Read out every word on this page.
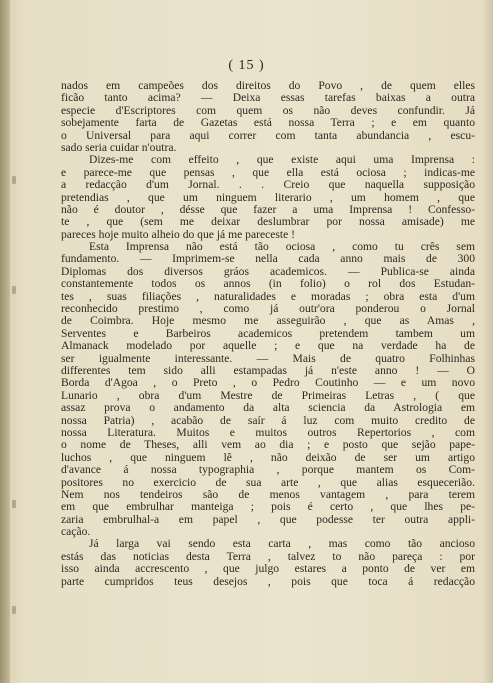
( 15 )
nados em campeões dos direitos do Povo , de quem elles
ficão tanto acima? — Deixa essas tarefas baixas a outra
especie d'Escriptores com quem os não deves confundir. Já
sobejamente farta de Gazetas está nossa Terra ; e em quanto
o Universal para aqui correr com tanta abundancia , escu-
sado seria cuidar n'outra.
Dizes-me com effeito , que existe aqui uma Imprensa :
e parece-me que pensas , que ella está ociosa ; indicas-me
a redacção d'um Jornal. . . Creio que naquella supposição
pretendias , que um ninguem literario , um homem , que
não é doutor , désse que fazer a uma Imprensa ! Confesso-
te , que (sem me deixar deslumbrar por nossa amisade) me
pareces hoje muito alheio do que já me pareceste !
Esta Imprensa não está tão ociosa , como tu crês sem
fundamento. — Imprimem-se nella cada anno mais de 300
Diplomas dos diversos gráos academicos. — Publica-se ainda
constantemente todos os annos (in folio) o rol dos Estudan-
tes , suas filiações , naturalidades e moradas ; obra esta d'um
reconhecido prestimo , como já outr'ora ponderou o Jornal
de Coimbra. Hoje mesmo me asseguirão , que as Amas ,
Serventes e Barbeiros academicos pretendem tambem um
Almanack modelado por aquelle ; e que na verdade ha de
ser igualmente interessante. — Mais de quatro Folhinhas
differentes tem sido alli estampadas já n'este anno ! — O
Borda d'Agoa , o Preto , o Pedro Coutinho — e um novo
Lunario , obra d'um Mestre de Primeiras Letras , ( que
assaz prova o andamento da alta sciencia da Astrologia em
nossa Patria) , acabão de saír á luz com muito credito de
nossa Literatura. Muitos e muitos outros Repertorios , com
o nome de Theses, alli vem ao dia ; e posto que sejão pape-
luchos , que ninguem lê , não deixão de ser um artigo
d'avance á nossa typographia , porque mantem os Com-
positores no exercicio de sua arte , que alias esquecerião.
Nem nos tendeiros são de menos vantagem , para terem
em que embrulhar manteiga ; pois é certo , que lhes pe-
zaria embrulhal-a em papel , que podesse ter outra appli-
cação.
Já larga vai sendo esta carta , mas como tão ancioso
estás das noticias desta Terra , talvez to não pareça : por
isso ainda accrescento , que julgo estares a ponto de ver em
parte cumpridos teus desejos , pois que toca á redacção
